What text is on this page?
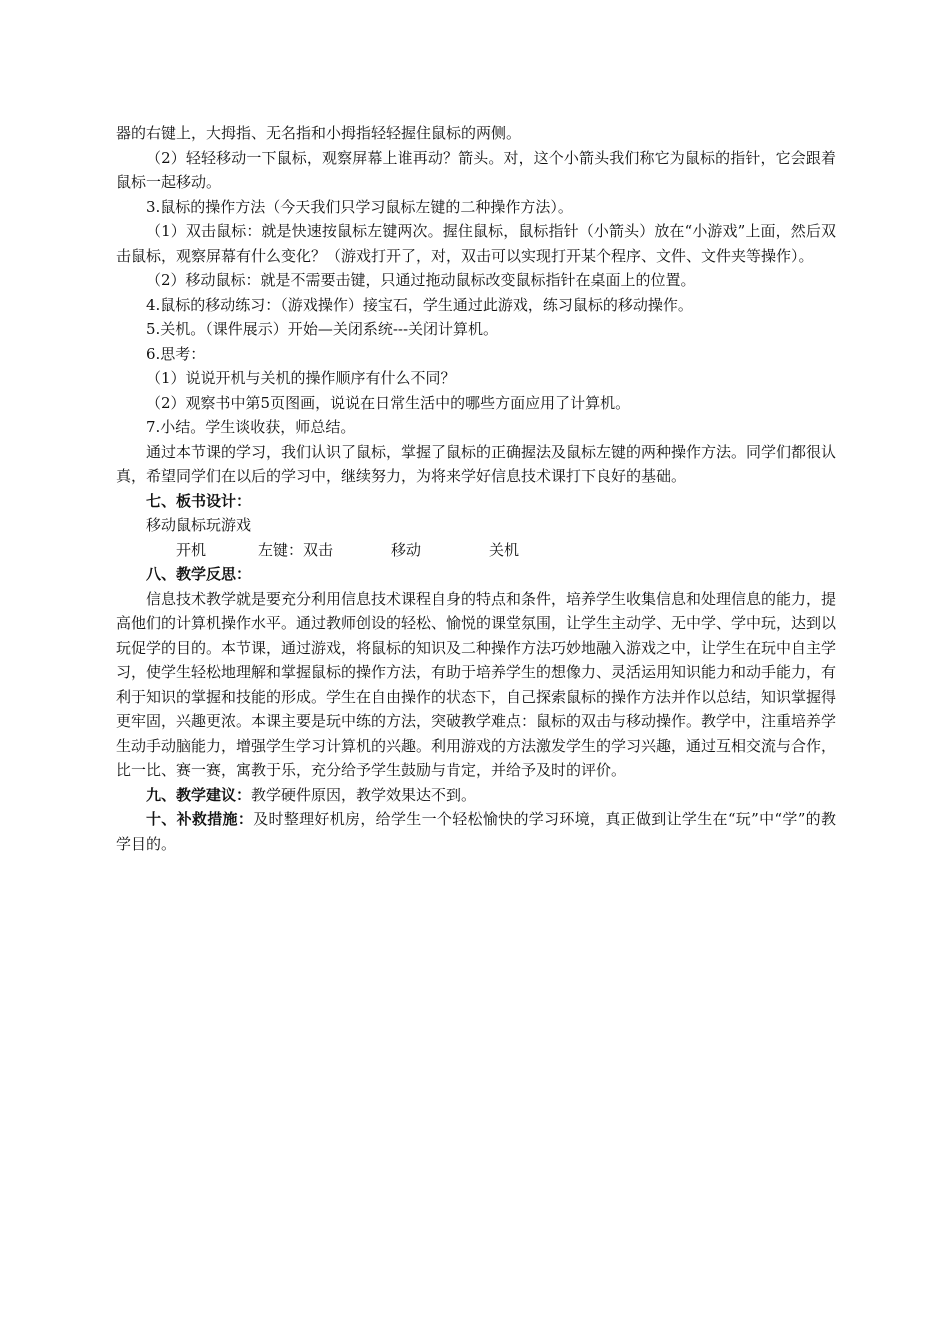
器的右键上，大拇指、无名指和小拇指轻轻握住鼠标的两侧。

（2）轻轻移动一下鼠标，观察屏幕上谁再动？箭头。对，这个小箭头我们称它为鼠标的指针，它会跟着鼠标一起移动。

3.鼠标的操作方法（今天我们只学习鼠标左键的二种操作方法）。

（1）双击鼠标：就是快速按鼠标左键两次。握住鼠标，鼠标指针（小箭头）放在“小游戏”上面，然后双击鼠标，观察屏幕有什么变化？（游戏打开了，对，双击可以实现打开某个程序、文件、文件夹等操作）。

（2）移动鼠标：就是不需要击键，只通过拖动鼠标改变鼠标指针在桌面上的位置。

4.鼠标的移动练习：（游戏操作）接宝石，学生通过此游戏，练习鼠标的移动操作。

5.关机。（课件展示）开始—关闭系统---关闭计算机。

6.思考：

（1）说说开机与关机的操作顺序有什么不同？

（2）观察书中第5页图画，说说在日常生活中的哪些方面应用了计算机。

7.小结。学生谈收获，师总结。

通过本节课的学习，我们认识了鼠标，掌握了鼠标的正确握法及鼠标左键的两种操作方法。同学们都很认真，希望同学们在以后的学习中，继续努力，为将来学好信息技术课打下良好的基础。

七、板书设计：

移动鼠标玩游戏

开机	左键：双击	移动	关机

八、教学反思：

信息技术教学就是要充分利用信息技术课程自身的特点和条件，培养学生收集信息和处理信息的能力，提高他们的计算机操作水平。通过教师创设的轻松、愉悦的课堂氛围，让学生主动学、无中学、学中玩，达到以玩促学的目的。本节课，通过游戏，将鼠标的知识及二种操作方法巧妙地融入游戏之中，让学生在玩中自主学习，使学生轻松地理解和掌握鼠标的操作方法，有助于培养学生的想像力、灵活运用知识能力和动手能力，有利于知识的掌握和技能的形成。学生在自由操作的状态下，自己探索鼠标的操作方法并作以总结，知识掌握得更牢固，兴趣更浓。本课主要是玩中练的方法，突破教学难点：鼠标的双击与移动操作。教学中，注重培养学生动手动脑能力，增强学生学习计算机的兴趣。利用游戏的方法激发学生的学习兴趣，通过互相交流与合作，比一比、赛一赛，寓教于乐，充分给予学生鼓励与肯定，并给予及时的评价。

九、教学建议：教学硬件原因，教学效果达不到。

十、补救措施：及时整理好机房，给学生一个轻松愉快的学习环境，真正做到让学生在“玩”中“学”的教学目的。
